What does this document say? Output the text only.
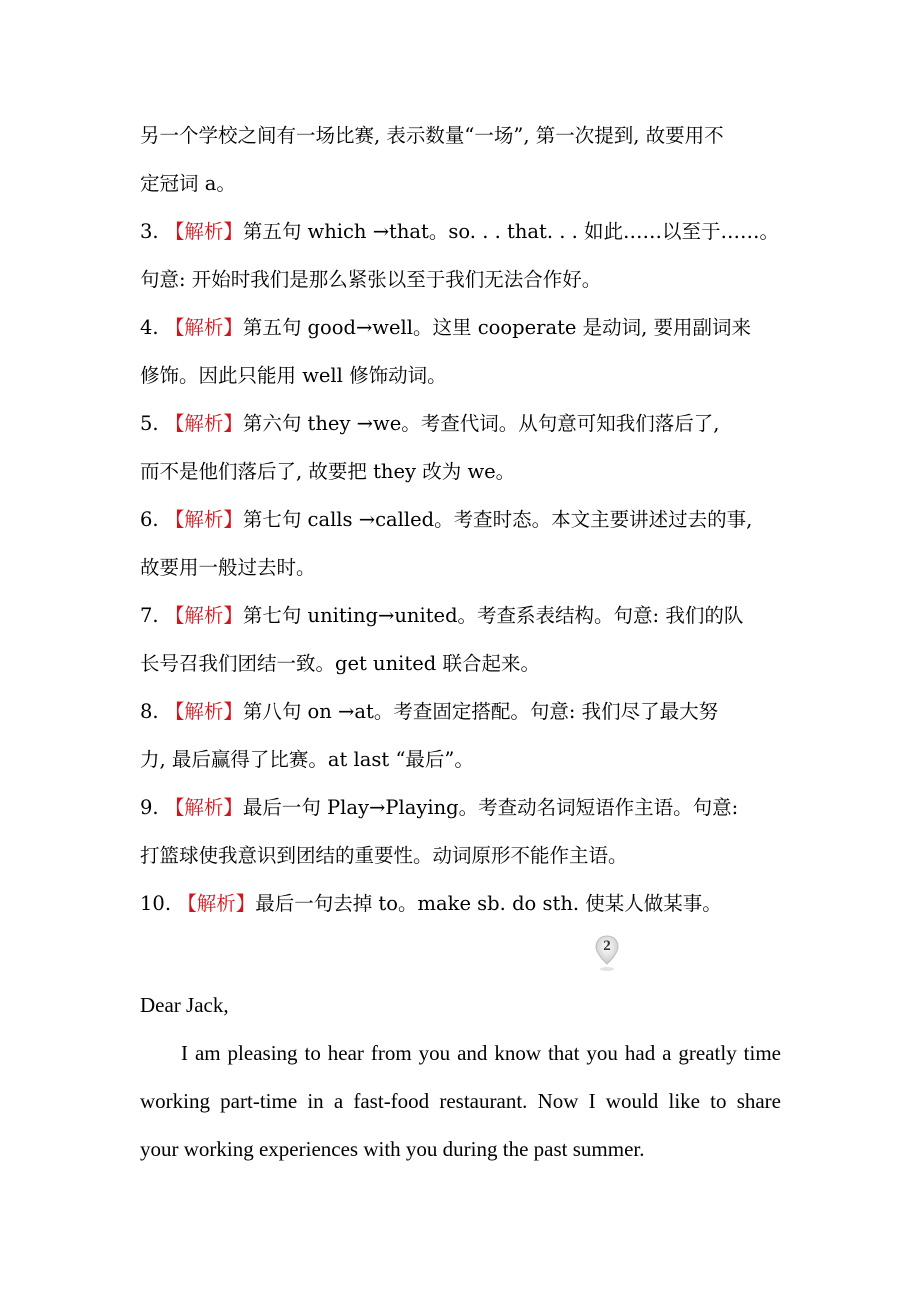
另一个学校之间有一场比赛, 表示数量“一场”, 第一次提到, 故要用不
定冠词 a。
3. 【解析】第五句 which →that。so. . . that. . . 如此……以至于……。
句意: 开始时我们是那么紧张以至于我们无法合作好。
4. 【解析】第五句 good→well。这里 cooperate 是动词, 要用副词来
修饰。因此只能用 well 修饰动词。
5. 【解析】第六句 they →we。考查代词。从句意可知我们落后了,
而不是他们落后了, 故要把 they 改为 we。
6. 【解析】第七句 calls →called。考查时态。本文主要讲述过去的事,
故要用一般过去时。
7. 【解析】第七句 uniting→united。考查系表结构。句意: 我们的队
长号召我们团结一致。get united 联合起来。
8. 【解析】第八句 on →at。考查固定搭配。句意: 我们尽了最大努
力, 最后赢得了比赛。at last “最后”。
9. 【解析】最后一句 Play→Playing。考查动名词短语作主语。句意:
打篮球使我意识到团结的重要性。动词原形不能作主语。
10. 【解析】最后一句去掉 to。make sb. do sth. 使某人做某事。
2
Dear Jack,
I am pleasing to hear from you and know that you had a greatly time
working part-time in a fast-food restaurant. Now I would like to share
your working experiences with you during the past summer.
